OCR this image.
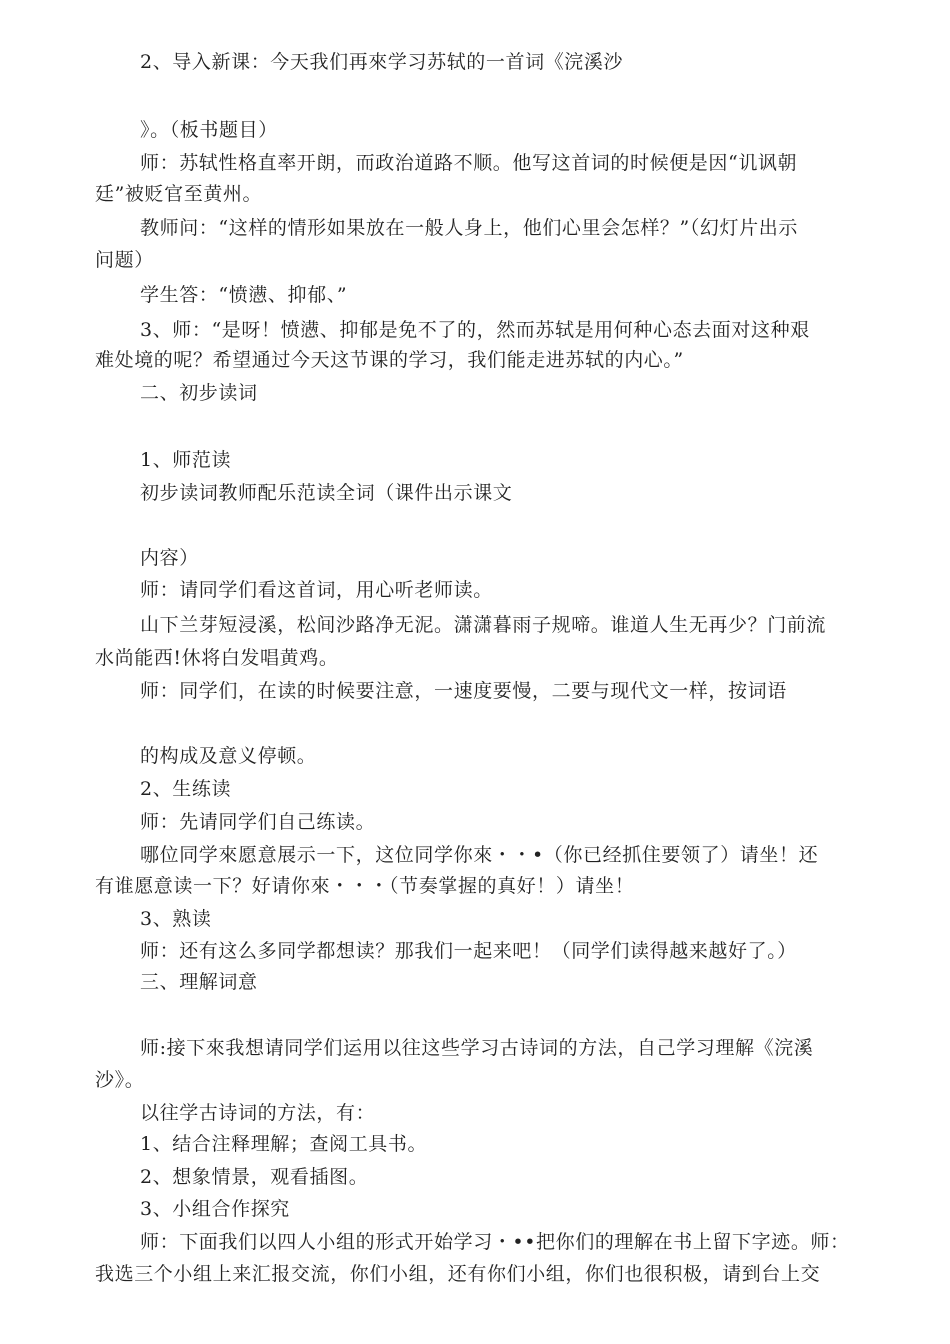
2、导入新课：今天我们再來学习苏轼的一首词《浣溪沙
》。（板书题目）
师：苏轼性格直率开朗，而政治道路不顺。他写这首词的时候便是因“讥讽朝
廷”被贬官至黄州。
教师问：“这样的情形如果放在一般人身上，他们心里会怎样？”（幻灯片出示
问题）
学生答：“愤懑、抑郁、”
3、师：“是呀！愤懑、抑郁是免不了的，然而苏轼是用何种心态去面对这种艰
难处境的呢？希望通过今天这节课的学习，我们能走进苏轼的内心。”
二、初步读词
1、师范读
初步读词教师配乐范读全词（课件出示课文
内容）
师：请同学们看这首词，用心听老师读。
山下兰芽短浸溪，松间沙路净无泥。潇潇暮雨子规啼。谁道人生无再少？门前流
水尚能西!休将白发唱黄鸡。
师：同学们，在读的时候要注意，一速度要慢，二要与现代文一样，按词语
的构成及意义停顿。
2、生练读
师：先请同学们自己练读。
哪位同学來愿意展示一下，这位同学你來・・•（你已经抓住要领了）请坐！还
有谁愿意读一下？好请你來・・・（节奏掌握的真好！）请坐！
3、熟读
师：还有这么多同学都想读？那我们一起来吧！（同学们读得越来越好了。）
三、理解词意
师:接下來我想请同学们运用以往这些学习古诗词的方法，自己学习理解《浣溪
沙》。
以往学古诗词的方法，有：
1、结合注释理解；查阅工具书。
2、想象情景，观看插图。
3、小组合作探究
师：下面我们以四人小组的形式开始学习・••把你们的理解在书上留下字迹。师：
我选三个小组上来汇报交流，你们小组，还有你们小组，你们也很积极，请到台上交
